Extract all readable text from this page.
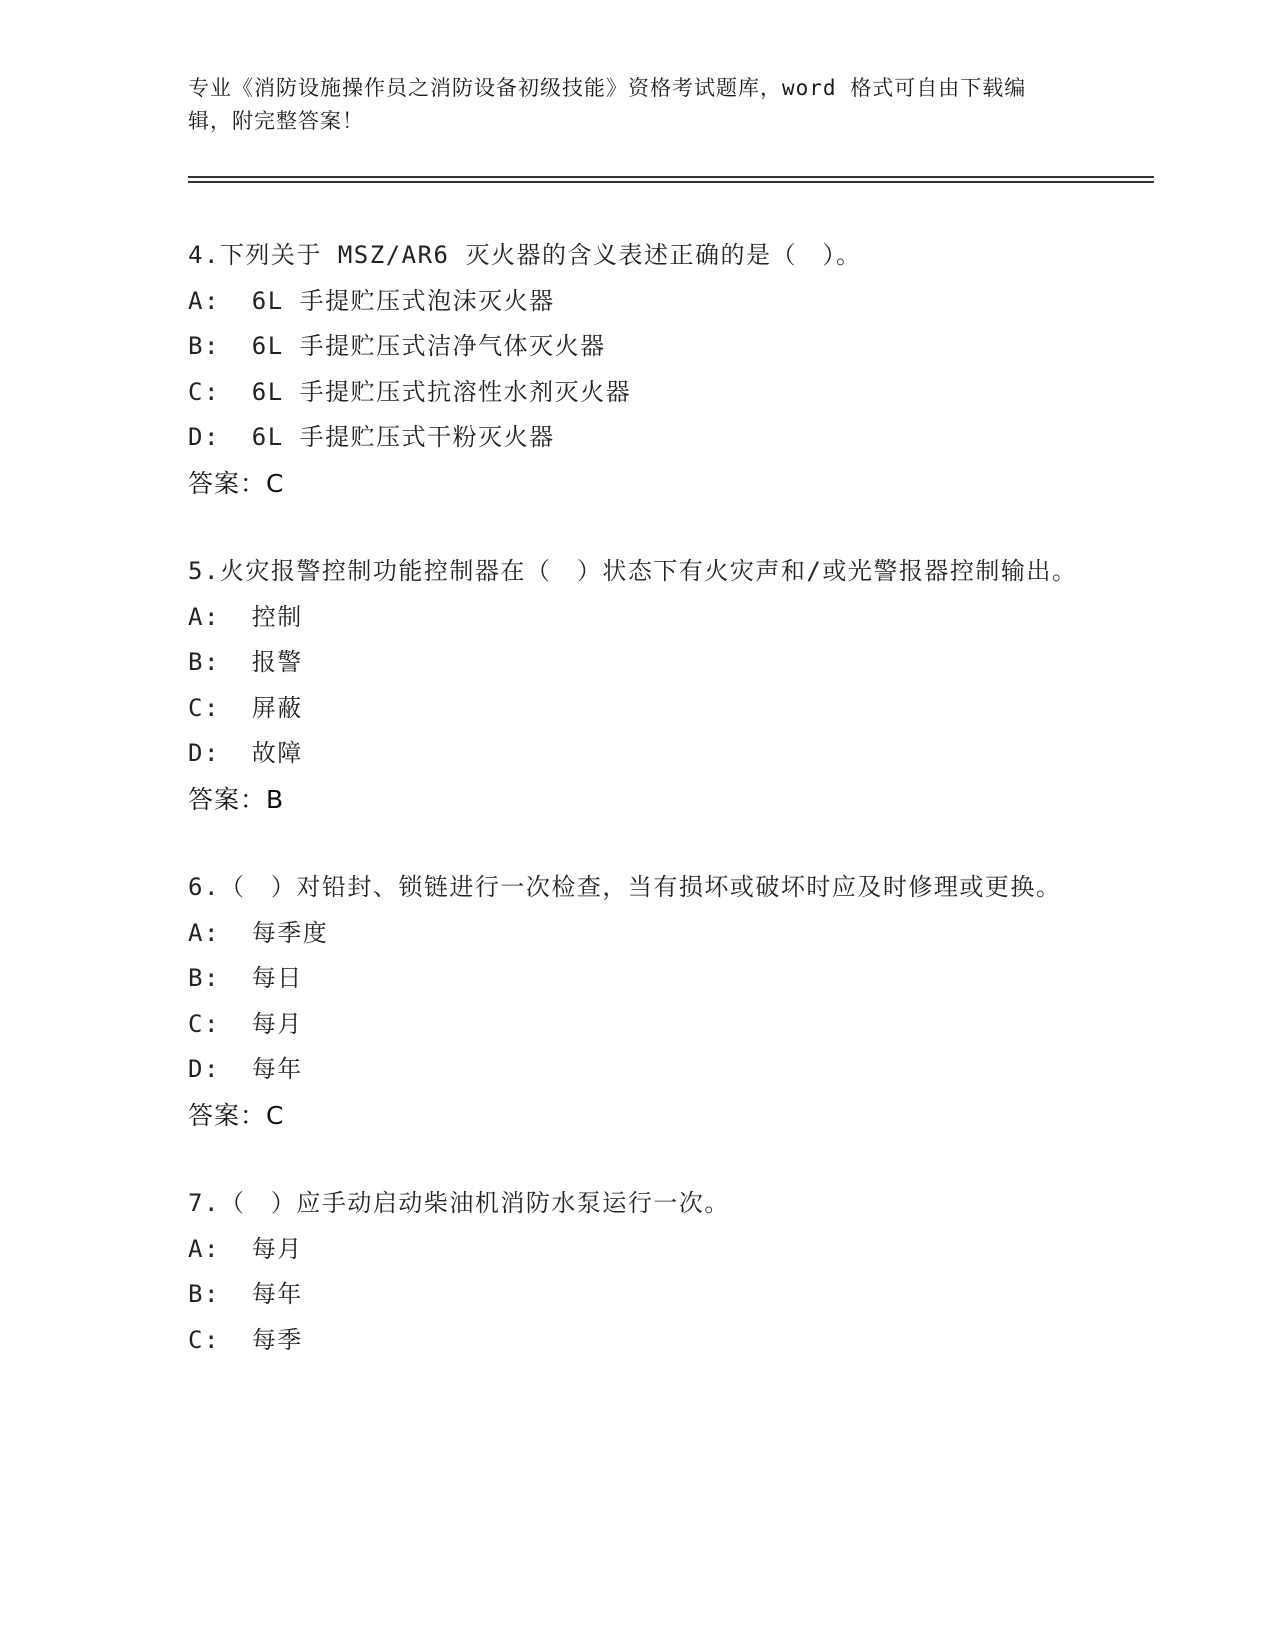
专业《消防设施操作员之消防设备初级技能》资格考试题库，word 格式可自由下载编辑，附完整答案！

4.下列关于 MSZ/AR6 灭火器的含义表述正确的是（　）。

A:  6L 手提贮压式泡沫灭火器

B:  6L 手提贮压式洁净气体灭火器

C:  6L 手提贮压式抗溶性水剂灭火器

D:  6L 手提贮压式干粉灭火器

答案：C

5.火灾报警控制功能控制器在（　）状态下有火灾声和/或光警报器控制输出。

A:  控制

B:  报警

C:  屏蔽

D:  故障

答案：B

6.（　）对铅封、锁链进行一次检查，当有损坏或破坏时应及时修理或更换。

A:  每季度

B:  每日

C:  每月

D:  每年

答案：C

7.（　）应手动启动柴油机消防水泵运行一次。

A:  每月

B:  每年

C:  每季
